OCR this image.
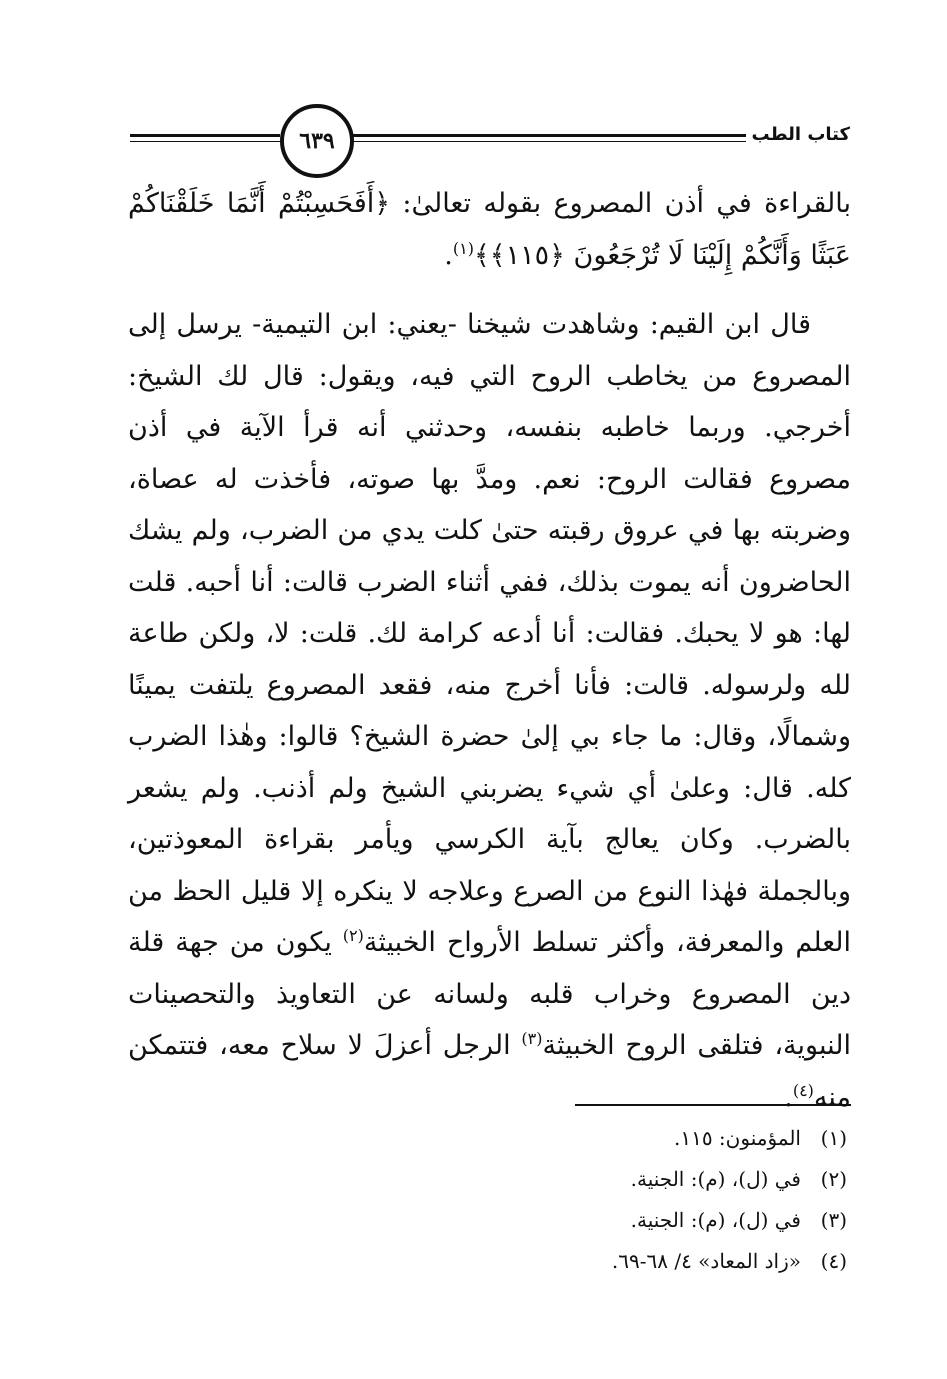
٦٣٩	كتاب الطب

بالقراءة في أذن المصروع بقوله تعالىٰ: ﴿أَفَحَسِبْتُمْ أَنَّمَا خَلَقْنَاكُمْ عَبَثًا وَأَنَّكُمْ إِلَيْنَا لَا تُرْجَعُونَ ﴿١١٥﴾﴾$^{(١)}$.

قال ابن القيم: وشاهدت شيخنا -يعني: ابن التيمية- يرسل إلى المصروع من يخاطب الروح التي فيه، ويقول: قال لك الشيخ: أخرجي. وربما خاطبه بنفسه، وحدثني أنه قرأ الآية في أذن مصروع فقالت الروح: نعم. ومدَّ بها صوته، فأخذت له عصاة، وضربته بها في عروق رقبته حتىٰ كلت يدي من الضرب، ولم يشك الحاضرون أنه يموت بذلك، ففي أثناء الضرب قالت: أنا أحبه. قلت لها: هو لا يحبك. فقالت: أنا أدعه كرامة لك. قلت: لا، ولكن طاعة لله ولرسوله. قالت: فأنا أخرج منه، فقعد المصروع يلتفت يمينًا وشمالًا، وقال: ما جاء بي إلىٰ حضرة الشيخ؟ قالوا: وهٰذا الضرب كله. قال: وعلىٰ أي شيء يضربني الشيخ ولم أذنب. ولم يشعر بالضرب. وكان يعالج بآية الكرسي ويأمر بقراءة المعوذتين، وبالجملة فهٰذا النوع من الصرع وعلاجه لا ينكره إلا قليل الحظ من العلم والمعرفة، وأكثر تسلط الأرواح الخبيثة$^{(٢)}$ يكون من جهة قلة دين المصروع وخراب قلبه ولسانه عن التعاويذ والتحصينات النبوية، فتلقى الروح الخبيثة$^{(٣)}$ الرجل أعزلَ لا سلاح معه، فتتمكن منه$^{(٤)}$.

(١)
المؤمنون: ١١٥.
(٢)
في (ل)، (م): الجنية.
(٣)
في (ل)، (م): الجنية.
(٤)
«زاد المعاد» ٤/ ٦٨-٦٩.
